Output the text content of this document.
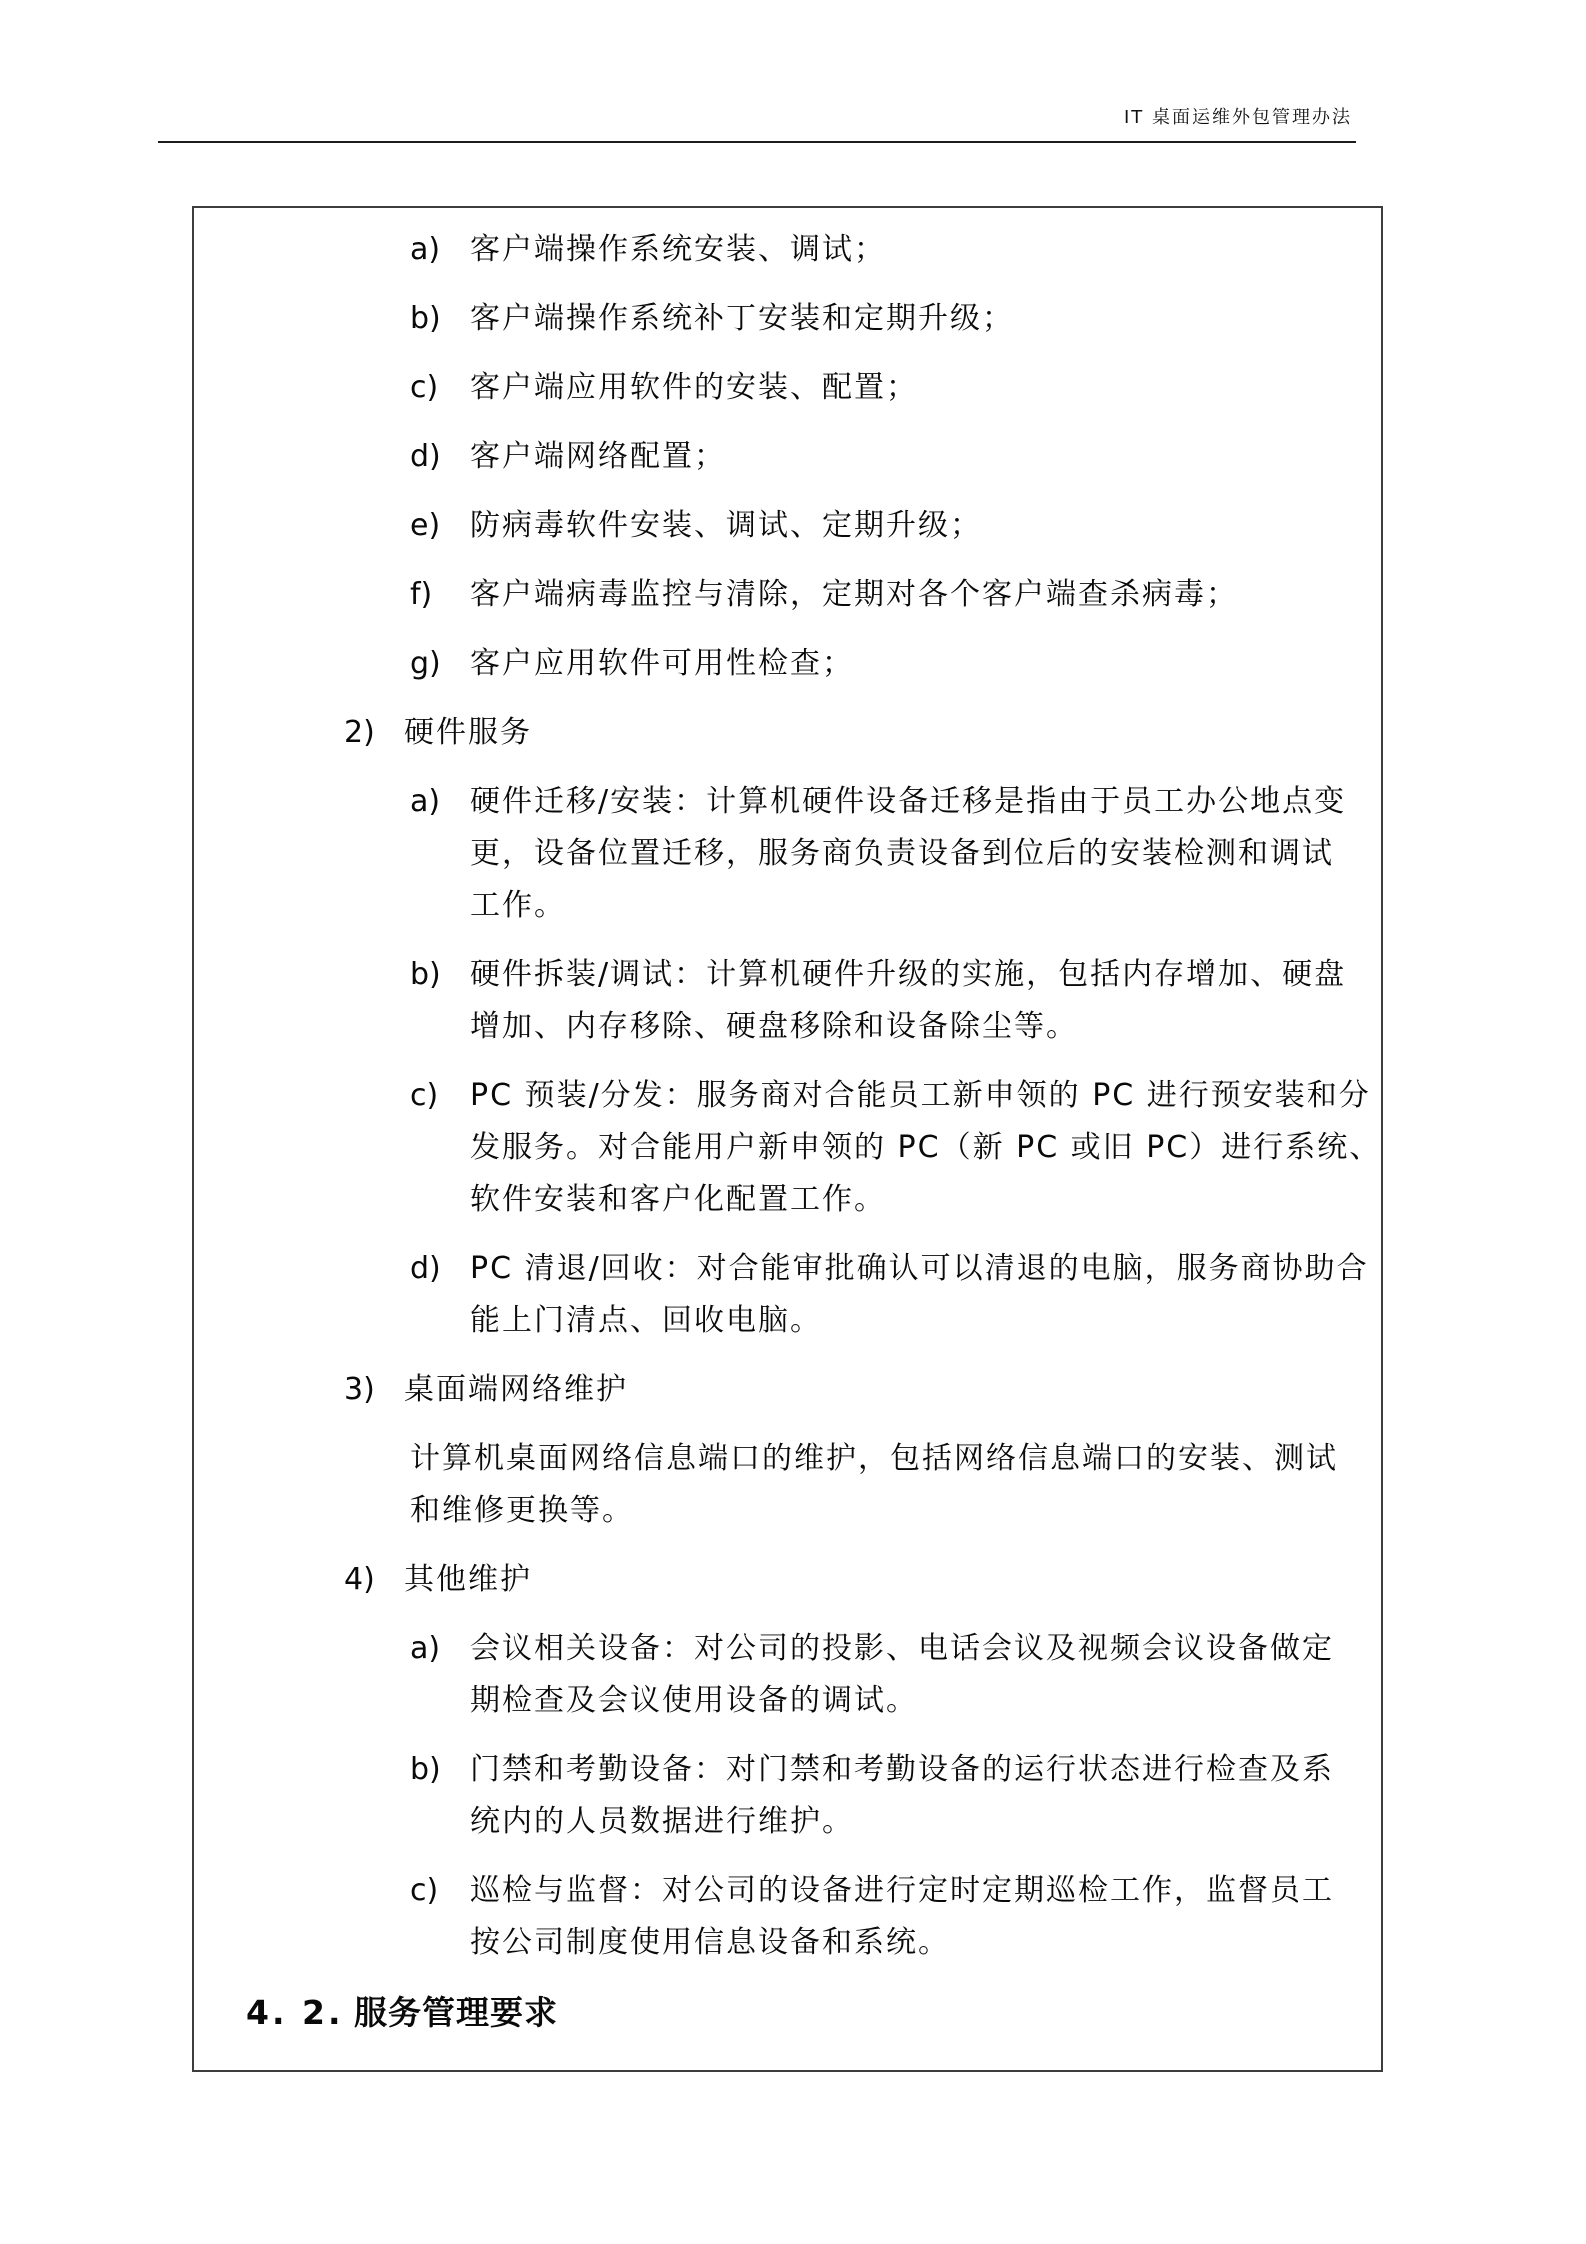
IT 桌面运维外包管理办法
a) 客户端操作系统安装、调试；
b) 客户端操作系统补丁安装和定期升级；
c)	客户端应用软件的安装、配置；
d) 客户端网络配置；
e) 防病毒软件安装、调试、定期升级；
f)	客户端病毒监控与清除，定期对各个客户端查杀病毒；
g) 客户应用软件可用性检查；
2) 硬件服务
a) 硬件迁移/安装：计算机硬件设备迁移是指由于员工办公地点变
更，设备位置迁移，服务商负责设备到位后的安装检测和调试
工作。
b) 硬件拆装/调试：计算机硬件升级的实施，包括内存增加、硬盘
增加、内存移除、硬盘移除和设备除尘等。
c)	PC 预装/分发：服务商对合能员工新申领的 PC 进行预安装和分
发服务。对合能用户新申领的 PC（新 PC 或旧 PC）进行系统、
软件安装和客户化配置工作。
d) PC 清退/回收：对合能审批确认可以清退的电脑，服务商协助合
能上门清点、回收电脑。
3) 桌面端网络维护
计算机桌面网络信息端口的维护，包括网络信息端口的安装、测试
和维修更换等。
4) 其他维护
a) 会议相关设备：对公司的投影、电话会议及视频会议设备做定
期检查及会议使用设备的调试。
b) 门禁和考勤设备：对门禁和考勤设备的运行状态进行检查及系
统内的人员数据进行维护。
c)	巡检与监督：对公司的设备进行定时定期巡检工作，监督员工
按公司制度使用信息设备和系统。
4. 2. 服务管理要求
